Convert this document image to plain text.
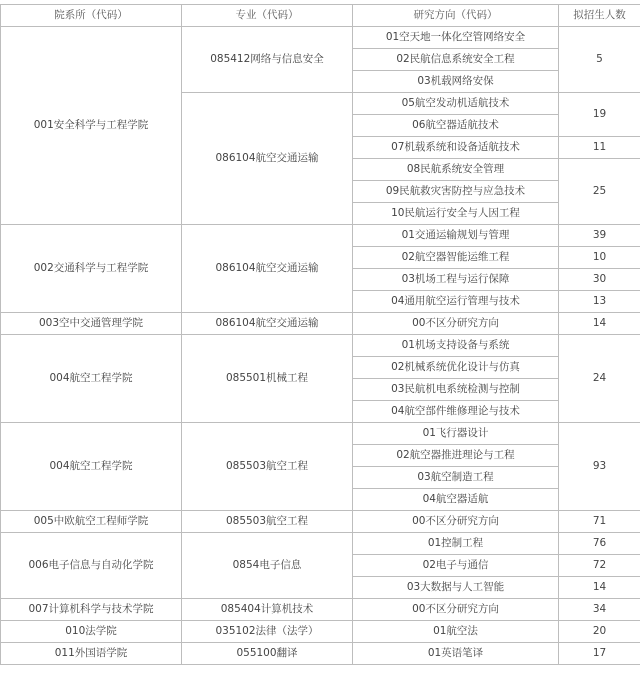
院系所（代码）	专业（代码）	研究方向（代码）	拟招生人数
001安全科学与工程学院	085412网络与信息安全	01空天地一体化空管网络安全	5
		02民航信息系统安全工程	
		03机载网络安保	
	086104航空交通运输	05航空发动机适航技术	19
		06航空器适航技术	
		07机载系统和设备适航技术	11
		08民航系统安全管理	25
		09民航救灾害防控与应急技术	
		10民航运行安全与人因工程	
002交通科学与工程学院	086104航空交通运输	01交通运输规划与管理	39
		02航空器智能运维工程	10
		03机场工程与运行保障	30
		04通用航空运行管理与技术	13
003空中交通管理学院	086104航空交通运输	00不区分研究方向	14
004航空工程学院	085501机械工程	01机场支持设备与系统	24
		02机械系统优化设计与仿真	
		03民航机电系统检测与控制	
		04航空部件维修理论与技术	
004航空工程学院	085503航空工程	01飞行器设计	93
		02航空器推进理论与工程	
		03航空制造工程	
		04航空器适航	
005中欧航空工程师学院	085503航空工程	00不区分研究方向	71
006电子信息与自动化学院	0854电子信息	01控制工程	76
		02电子与通信	72
		03大数据与人工智能	14
007计算机科学与技术学院	085404计算机技术	00不区分研究方向	34
010法学院	035102法律（法学）	01航空法	20
011外国语学院	055100翻译	01英语笔译	17
